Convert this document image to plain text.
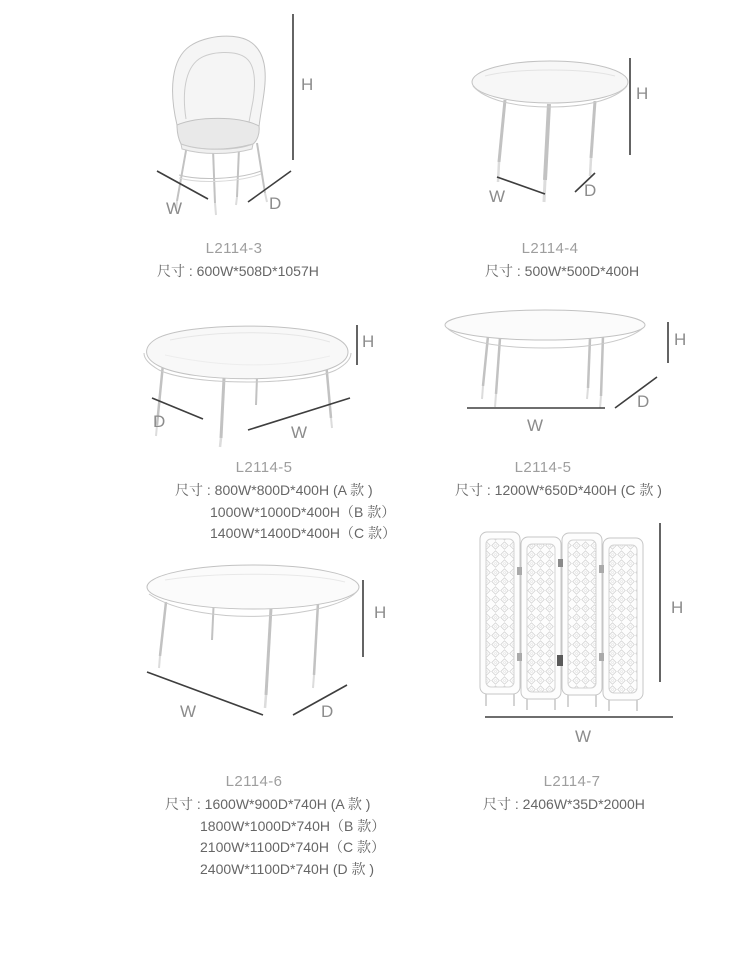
H
W	D
L2114-3
尺寸 : 600W*508D*1057H
H
W	D
L2114-4
尺寸 : 500W*500D*400H
H
D
W
L2114-5
尺寸 : 800W*800D*400H (A 款 )
1000W*1000D*400H（B 款）
1400W*1400D*400H（C 款）
H
D
W
L2114-5
尺寸 : 1200W*650D*400H (C 款 )
H
W	D
L2114-6
尺寸 : 1600W*900D*740H (A 款 )
1800W*1000D*740H（B 款）
2100W*1100D*740H（C 款）
2400W*1100D*740H (D 款 )
H
W
L2114-7
尺寸 : 2406W*35D*2000H
